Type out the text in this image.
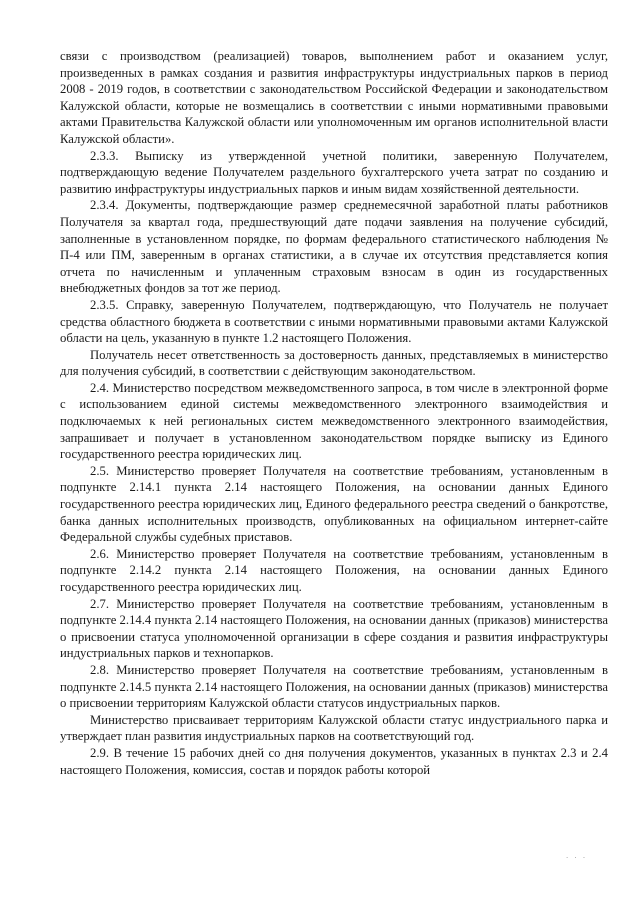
связи с производством (реализацией) товаров, выполнением работ и оказанием услуг, произведенных в рамках создания и развития инфраструктуры индустриальных парков в период 2008 - 2019 годов, в соответствии с законодательством Российской Федерации и законодательством Калужской области, которые не возмещались в соответствии с иными нормативными правовыми актами Правительства Калужской области или уполномоченным им органов исполнительной власти Калужской области».

2.3.3. Выписку из утвержденной учетной политики, заверенную Получателем, подтверждающую ведение Получателем раздельного бухгалтерского учета затрат по созданию и развитию инфраструктуры индустриальных парков и иным видам хозяйственной деятельности.

2.3.4. Документы, подтверждающие размер среднемесячной заработной платы работников Получателя за квартал года, предшествующий дате подачи заявления на получение субсидий, заполненные в установленном порядке, по формам федерального статистического наблюдения № П-4 или ПМ, заверенным в органах статистики, а в случае их отсутствия представляется копия отчета по начисленным и уплаченным страховым взносам в один из государственных внебюджетных фондов за тот же период.

2.3.5. Справку, заверенную Получателем, подтверждающую, что Получатель не получает средства областного бюджета в соответствии с иными нормативными правовыми актами Калужской области на цель, указанную в пункте 1.2 настоящего Положения.

Получатель несет ответственность за достоверность данных, представляемых в министерство для получения субсидий, в соответствии с действующим законодательством.

2.4. Министерство посредством межведомственного запроса, в том числе в электронной форме с использованием единой системы межведомственного электронного взаимодействия и подключаемых к ней региональных систем межведомственного электронного взаимодействия, запрашивает и получает в установленном законодательством порядке выписку из Единого государственного реестра юридических лиц.

2.5. Министерство проверяет Получателя на соответствие требованиям, установленным в подпункте 2.14.1 пункта 2.14 настоящего Положения, на основании данных Единого государственного реестра юридических лиц, Единого федерального реестра сведений о банкротстве, банка данных исполнительных производств, опубликованных на официальном интернет-сайте Федеральной службы судебных приставов.

2.6. Министерство проверяет Получателя на соответствие требованиям, установленным в подпункте 2.14.2 пункта 2.14 настоящего Положения, на основании данных Единого государственного реестра юридических лиц.

2.7. Министерство проверяет Получателя на соответствие требованиям, установленным в подпункте 2.14.4 пункта 2.14 настоящего Положения, на основании данных (приказов) министерства о присвоении статуса уполномоченной организации в сфере создания и развития инфраструктуры индустриальных парков и технопарков.

2.8. Министерство проверяет Получателя на соответствие требованиям, установленным в подпункте 2.14.5 пункта 2.14 настоящего Положения, на основании данных (приказов) министерства о присвоении территориям Калужской области статусов индустриальных парков.

Министерство присваивает территориям Калужской области статус индустриального парка и утверждает план развития индустриальных парков на соответствующий год.

2.9. В течение 15 рабочих дней со дня получения документов, указанных в пунктах 2.3 и 2.4 настоящего Положения, комиссия, состав и порядок работы которой

· · ·
